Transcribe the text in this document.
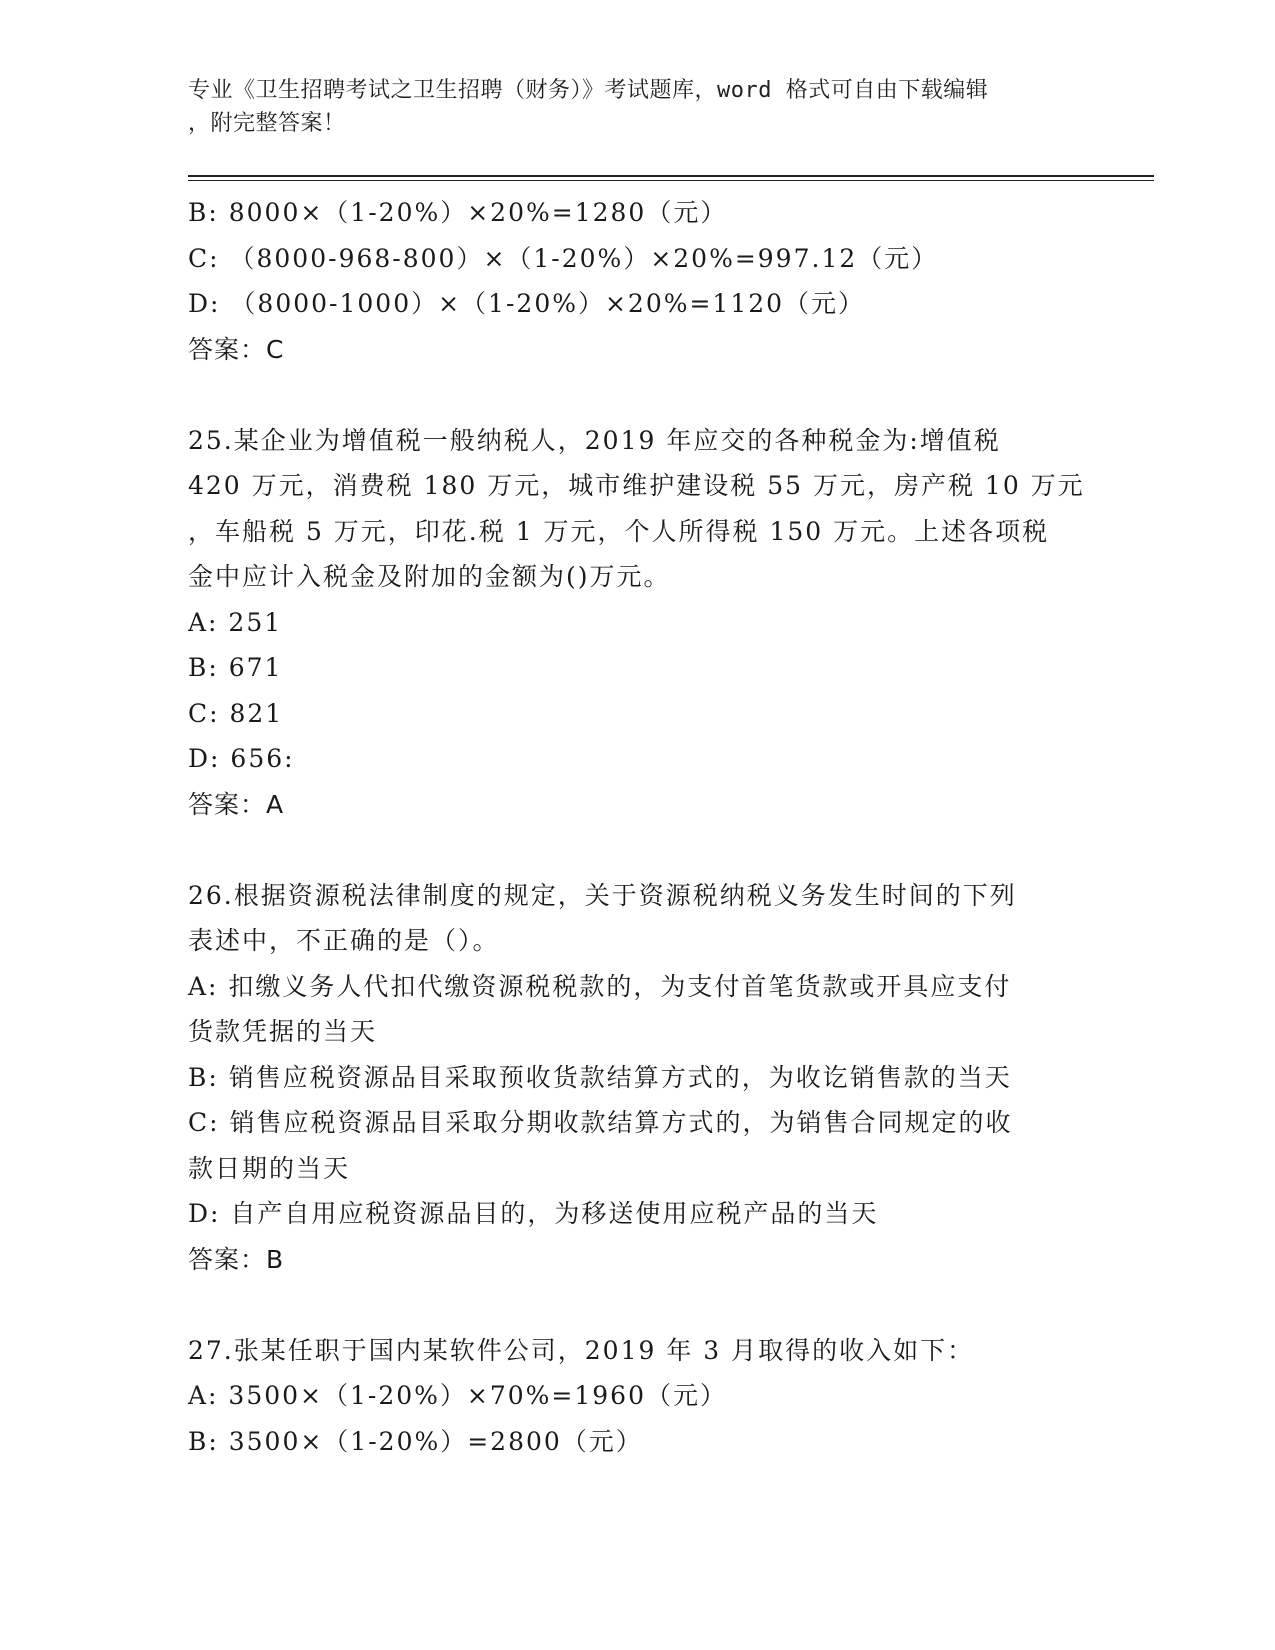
专业《卫生招聘考试之卫生招聘（财务）》考试题库，word 格式可自由下载编辑
，附完整答案！
B: 8000×（1-20%）×20%=1280（元）
C: （8000-968-800）×（1-20%）×20%=997.12（元）
D: （8000-1000）×（1-20%）×20%=1120（元）
答案：C
25.某企业为增值税一般纳税人，2019 年应交的各种税金为:增值税
420 万元，消费税 180 万元，城市维护建设税 55 万元，房产税 10 万元
，车船税 5 万元，印花.税 1 万元，个人所得税 150 万元。上述各项税
金中应计入税金及附加的金额为()万元。
A: 251
B: 671
C: 821
D: 656:
答案：A
26.根据资源税法律制度的规定，关于资源税纳税义务发生时间的下列
表述中，不正确的是（）。
A: 扣缴义务人代扣代缴资源税税款的，为支付首笔货款或开具应支付
货款凭据的当天
B: 销售应税资源品目采取预收货款结算方式的，为收讫销售款的当天
C: 销售应税资源品目采取分期收款结算方式的，为销售合同规定的收
款日期的当天
D: 自产自用应税资源品目的，为移送使用应税产品的当天
答案：B
27.张某任职于国内某软件公司，2019 年 3 月取得的收入如下：
A: 3500×（1-20%）×70%=1960（元）
B: 3500×（1-20%）=2800（元）
